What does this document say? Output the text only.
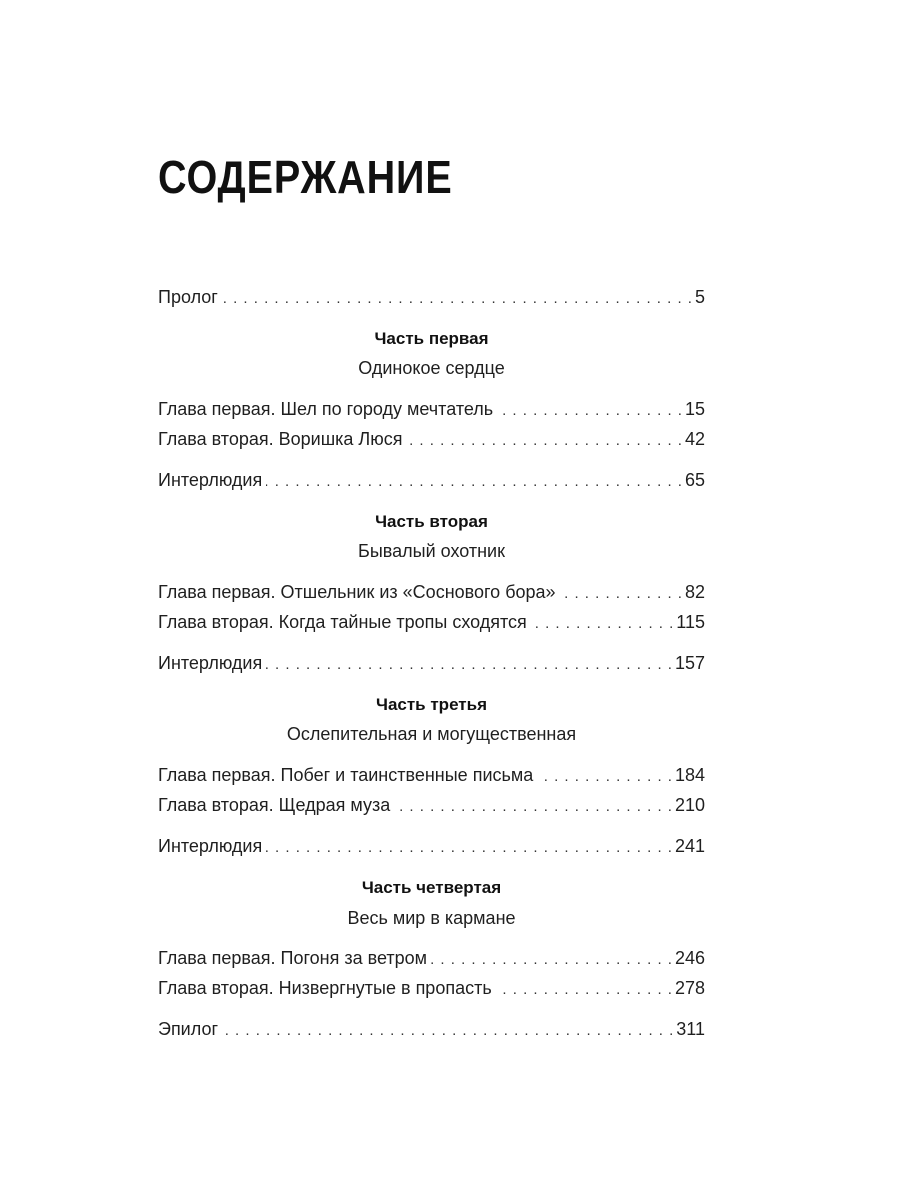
СОДЕРЖАНИЕ
Пролог . . .	5
Часть первая
Одинокое сердце
Глава первая. Шел по городу мечтатель . . .	15
Глава вторая. Воришка Люся . . .	42
Интерлюдия . . .	65
Часть вторая
Бывалый охотник
Глава первая. Отшельник из «Соснового бора» . . .	82
Глава вторая. Когда тайные тропы сходятся . . .	115
Интерлюдия . . .	157
Часть третья
Ослепительная и могущественная
Глава первая. Побег и таинственные письма . . .	184
Глава вторая. Щедрая муза . . .	210
Интерлюдия . . .	241
Часть четвертая
Весь мир в кармане
Глава первая. Погоня за ветром . . .	246
Глава вторая. Низвергнутые в пропасть . . .	278
Эпилог . . .	311
